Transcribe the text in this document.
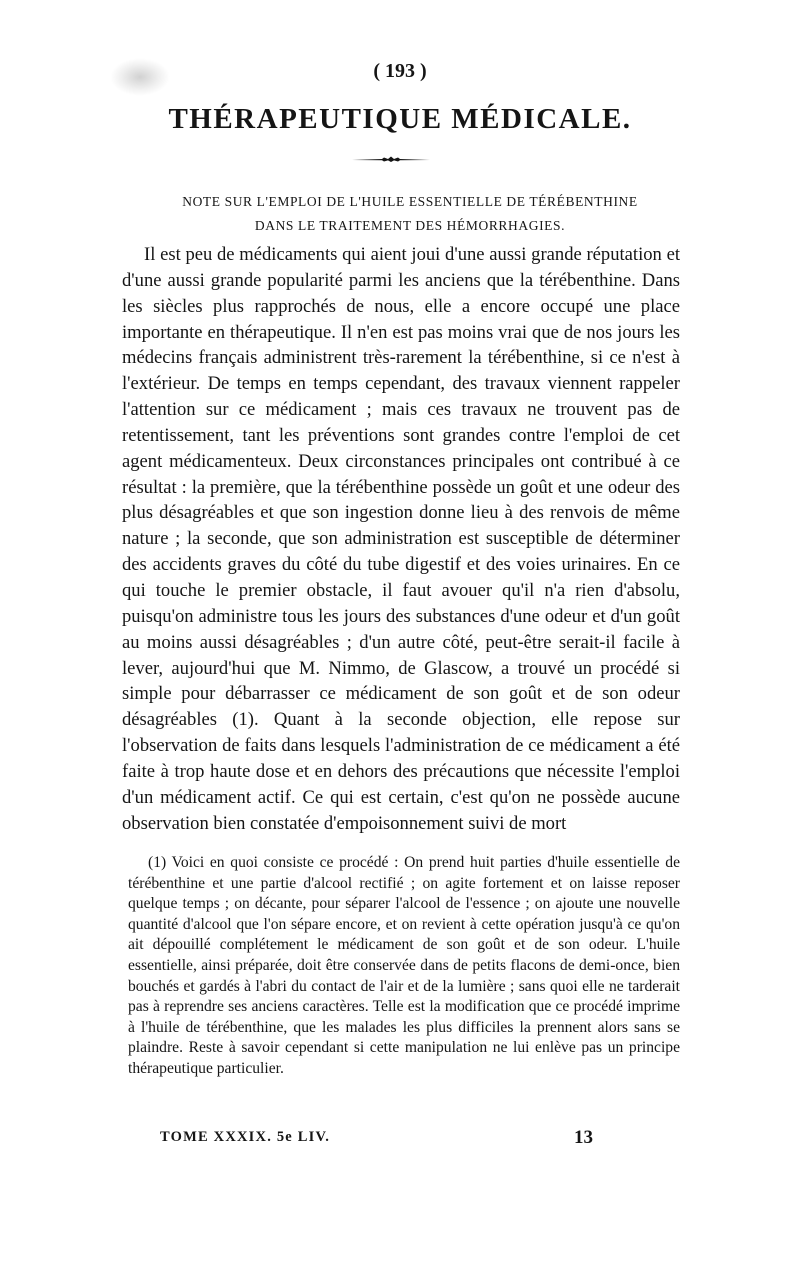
( 193 )
THÉRAPEUTIQUE MÉDICALE.
NOTE SUR L'EMPLOI DE L'HUILE ESSENTIELLE DE TÉRÉBENTHINE
DANS LE TRAITEMENT DES HÉMORRHAGIES.

Il est peu de médicaments qui aient joui d'une aussi grande réputation et d'une aussi grande popularité parmi les anciens que la térébenthine. Dans les siècles plus rapprochés de nous, elle a encore occupé une place importante en thérapeutique. Il n'en est pas moins vrai que de nos jours les médecins français administrent très-rarement la térébenthine, si ce n'est à l'extérieur. De temps en temps cependant, des travaux viennent rappeler l'attention sur ce médicament ; mais ces travaux ne trouvent pas de retentissement, tant les préventions sont grandes contre l'emploi de cet agent médicamenteux. Deux circonstances principales ont contribué à ce résultat : la première, que la térébenthine possède un goût et une odeur des plus désagréables et que son ingestion donne lieu à des renvois de même nature ; la seconde, que son administration est susceptible de déterminer des accidents graves du côté du tube digestif et des voies urinaires. En ce qui touche le premier obstacle, il faut avouer qu'il n'a rien d'absolu, puisqu'on administre tous les jours des substances d'une odeur et d'un goût au moins aussi désagréables ; d'un autre côté, peut-être serait-il facile à lever, aujourd'hui que M. Nimmo, de Glascow, a trouvé un procédé si simple pour débarrasser ce médicament de son goût et de son odeur désagréables (1). Quant à la seconde objection, elle repose sur l'observation de faits dans lesquels l'administration de ce médicament a été faite à trop haute dose et en dehors des précautions que nécessite l'emploi d'un médicament actif. Ce qui est certain, c'est qu'on ne possède aucune observation bien constatée d'empoisonnement suivi de mort

(1) Voici en quoi consiste ce procédé : On prend huit parties d'huile essentielle de térébenthine et une partie d'alcool rectifié ; on agite fortement et on laisse reposer quelque temps ; on décante, pour séparer l'alcool de l'essence ; on ajoute une nouvelle quantité d'alcool que l'on sépare encore, et on revient à cette opération jusqu'à ce qu'on ait dépouillé complétement le médicament de son goût et de son odeur. L'huile essentielle, ainsi préparée, doit être conservée dans de petits flacons de demi-once, bien bouchés et gardés à l'abri du contact de l'air et de la lumière ; sans quoi elle ne tarderait pas à reprendre ses anciens caractères. Telle est la modification que ce procédé imprime à l'huile de térébenthine, que les malades les plus difficiles la prennent alors sans se plaindre. Reste à savoir cependant si cette manipulation ne lui enlève pas un principe thérapeutique particulier.

TOME XXXIX. 5e LIV.	13
